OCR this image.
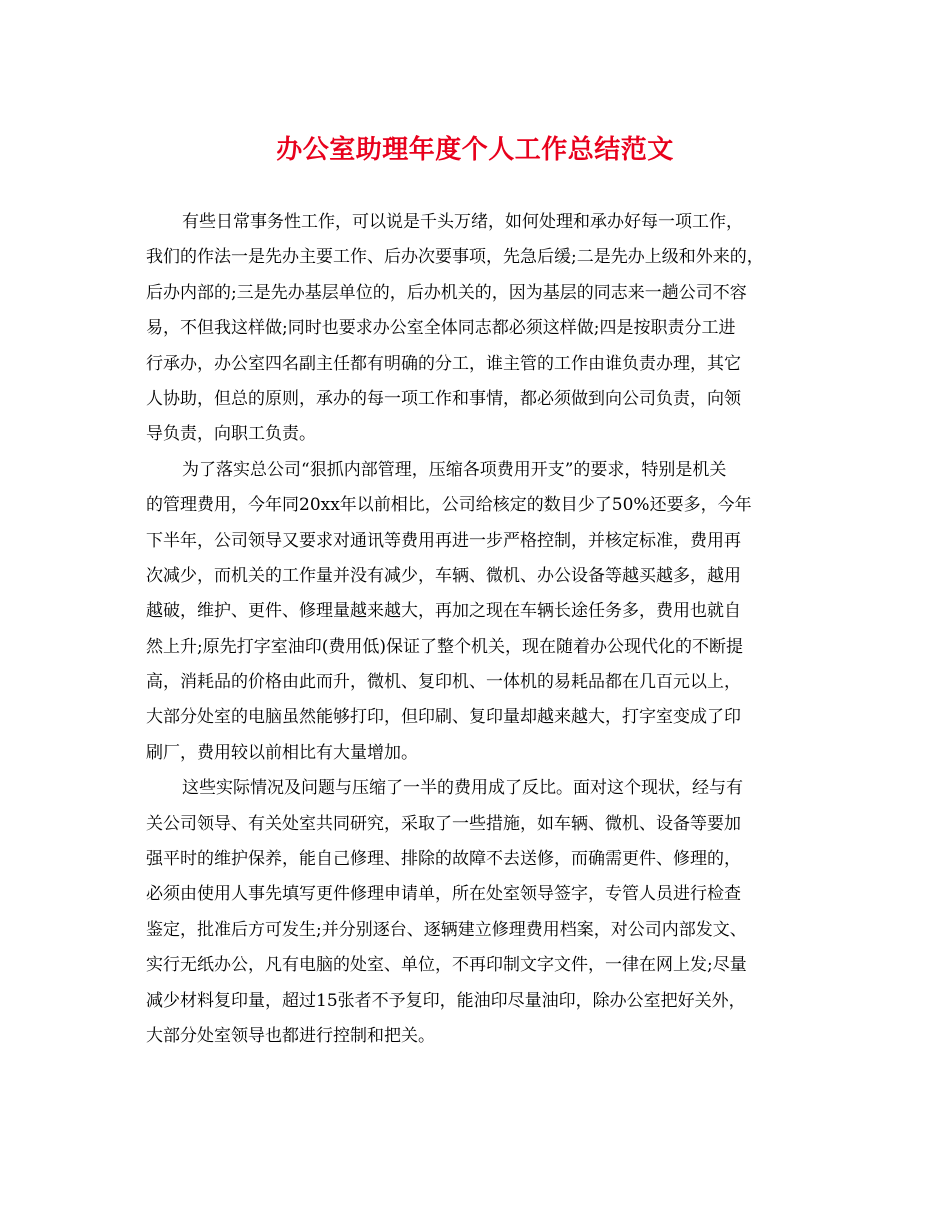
办公室助理年度个人工作总结范文
有些日常事务性工作，可以说是千头万绪，如何处理和承办好每一项工作，
我们的作法一是先办主要工作、后办次要事项，先急后缓;二是先办上级和外来的，
后办内部的;三是先办基层单位的，后办机关的，因为基层的同志来一趟公司不容
易，不但我这样做;同时也要求办公室全体同志都必须这样做;四是按职责分工进
行承办，办公室四名副主任都有明确的分工，谁主管的工作由谁负责办理，其它
人协助，但总的原则，承办的每一项工作和事情，都必须做到向公司负责，向领
导负责，向职工负责。
为了落实总公司“狠抓内部管理，压缩各项费用开支”的要求，特别是机关
的管理费用，今年同20xx年以前相比，公司给核定的数目少了50%还要多，今年
下半年，公司领导又要求对通讯等费用再进一步严格控制，并核定标准，费用再
次减少，而机关的工作量并没有减少，车辆、微机、办公设备等越买越多，越用
越破，维护、更件、修理量越来越大，再加之现在车辆长途任务多，费用也就自
然上升;原先打字室油印(费用低)保证了整个机关，现在随着办公现代化的不断提
高，消耗品的价格由此而升，微机、复印机、一体机的易耗品都在几百元以上，
大部分处室的电脑虽然能够打印，但印刷、复印量却越来越大，打字室变成了印
刷厂，费用较以前相比有大量增加。
这些实际情况及问题与压缩了一半的费用成了反比。面对这个现状，经与有
关公司领导、有关处室共同研究，采取了一些措施，如车辆、微机、设备等要加
强平时的维护保养，能自己修理、排除的故障不去送修，而确需更件、修理的，
必须由使用人事先填写更件修理申请单，所在处室领导签字，专管人员进行检查
鉴定，批准后方可发生;并分别逐台、逐辆建立修理费用档案，对公司内部发文、
实行无纸办公，凡有电脑的处室、单位，不再印制文字文件，一律在网上发;尽量
减少材料复印量，超过15张者不予复印，能油印尽量油印，除办公室把好关外，
大部分处室领导也都进行控制和把关。
